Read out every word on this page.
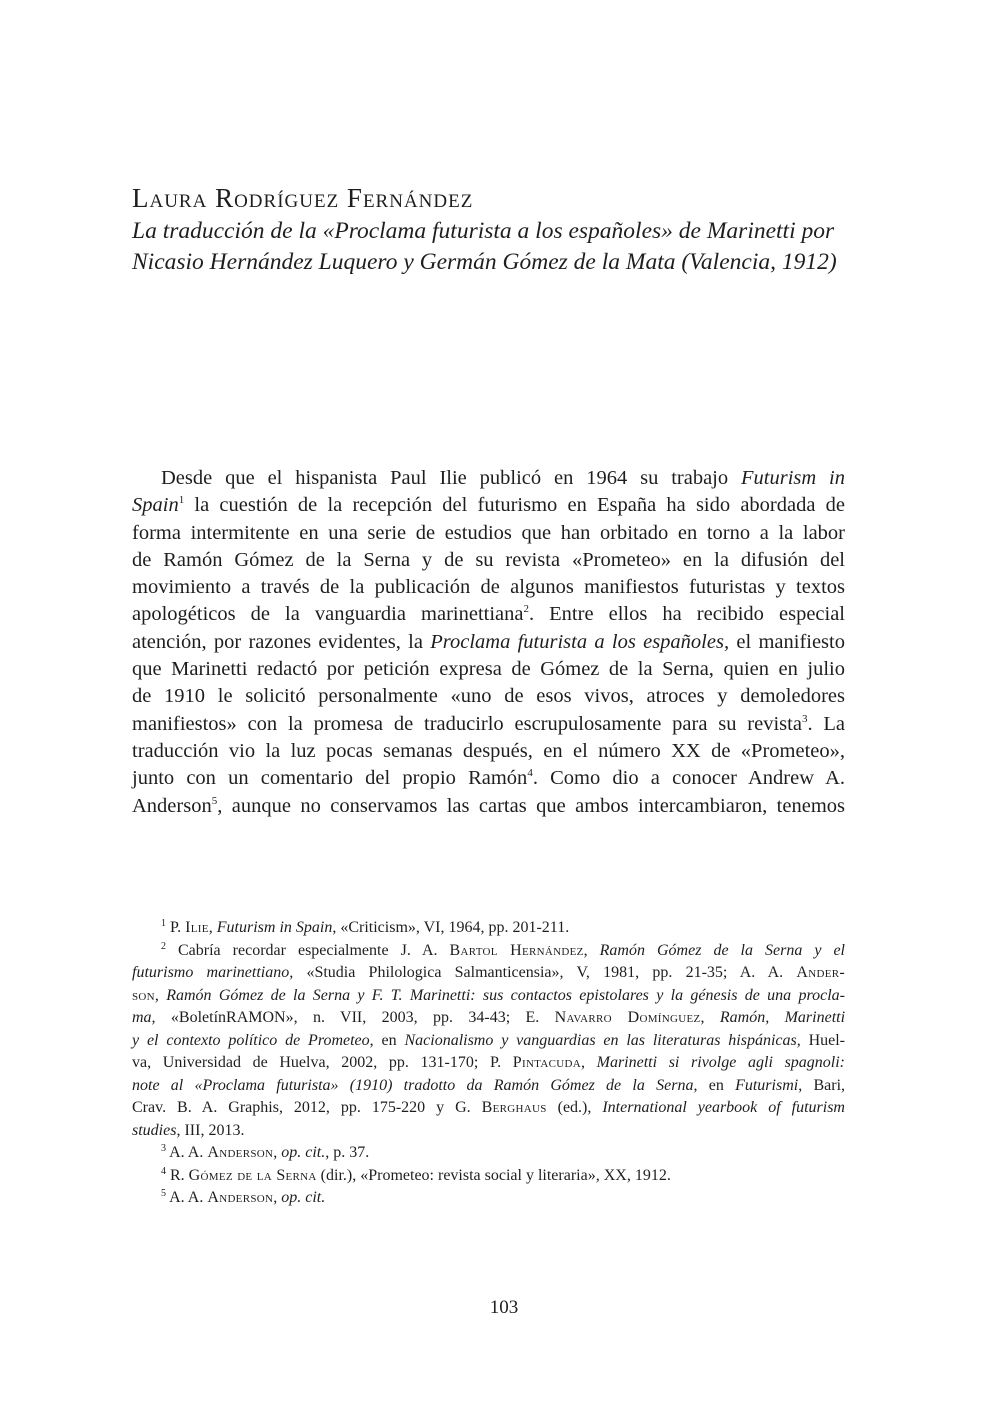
Laura Rodríguez Fernández
La traducción de la «Proclama futurista a los españoles» de Marinetti por
Nicasio Hernández Luquero y Germán Gómez de la Mata (Valencia, 1912)
Desde que el hispanista Paul Ilie publicó en 1964 su trabajo Futurism in
Spain$^1$ la cuestión de la recepción del futurismo en España ha sido abordada de
forma intermitente en una serie de estudios que han orbitado en torno a la labor
de Ramón Gómez de la Serna y de su revista «Prometeo» en la difusión del
movimiento a través de la publicación de algunos manifiestos futuristas y textos
apologéticos de la vanguardia marinettiana$^2$. Entre ellos ha recibido especial
atención, por razones evidentes, la Proclama futurista a los españoles, el manifiesto
que Marinetti redactó por petición expresa de Gómez de la Serna, quien en julio
de 1910 le solicitó personalmente «uno de esos vivos, atroces y demoledores
manifiestos» con la promesa de traducirlo escrupulosamente para su revista$^3$. La
traducción vio la luz pocas semanas después, en el número XX de «Prometeo»,
junto con un comentario del propio Ramón$^4$. Como dio a conocer Andrew A.
Anderson$^5$, aunque no conservamos las cartas que ambos intercambiaron, tenemos
$^1$ P. Ilie, Futurism in Spain, «Criticism», VI, 1964, pp. 201-211.
$^2$ Cabría recordar especialmente J. A. Bartol Hernández, Ramón Gómez de la Serna y el
futurismo marinettiano, «Studia Philologica Salmanticensia», V, 1981, pp. 21-35; A. A. Ander-
son, Ramón Gómez de la Serna y F. T. Marinetti: sus contactos epistolares y la génesis de una procla-
ma, «BoletínRAMON», n. VII, 2003, pp. 34-43; E. Navarro Domínguez, Ramón, Marinetti
y el contexto político de Prometeo, en Nacionalismo y vanguardias en las literaturas hispánicas, Huel-
va, Universidad de Huelva, 2002, pp. 131-170; P. Pintacuda, Marinetti si rivolge agli spagnoli:
note al «Proclama futurista» (1910) tradotto da Ramón Gómez de la Serna, en Futurismi, Bari,
Crav. B. A. Graphis, 2012, pp. 175-220 y G. Berghaus (ed.), International yearbook of futurism
studies, III, 2013.
$^3$ A. A. Anderson, op. cit., p. 37.
$^4$ R. Gómez de la Serna (dir.), «Prometeo: revista social y literaria», XX, 1912.
$^5$ A. A. Anderson, op. cit.
103
